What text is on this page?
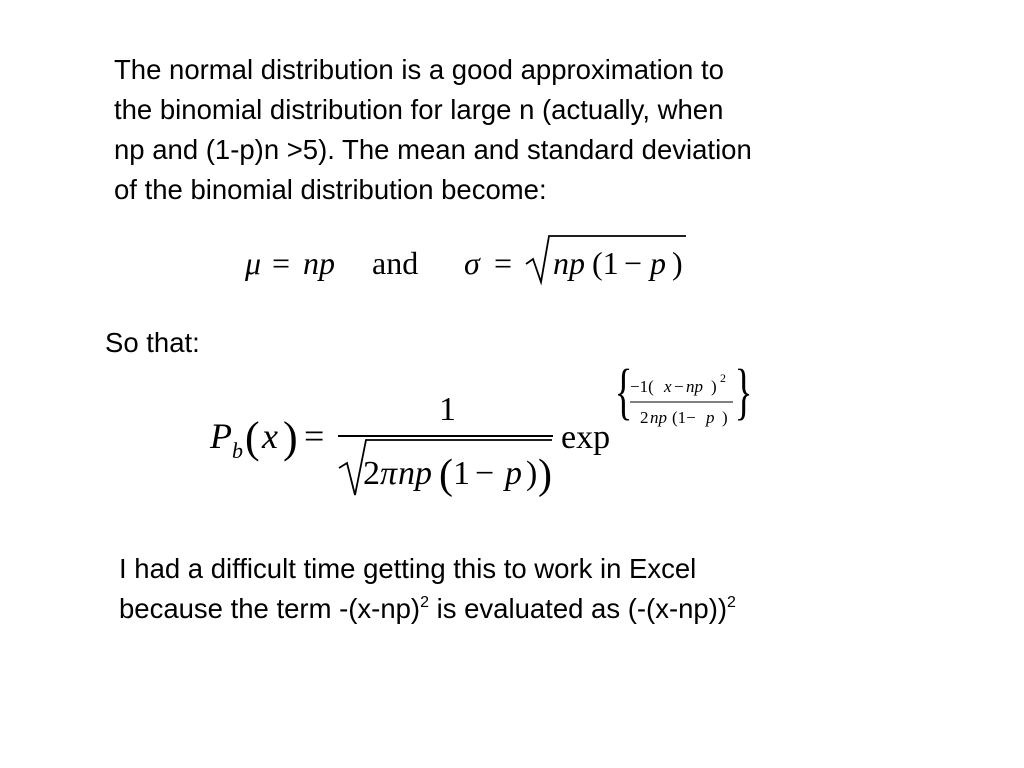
The normal distribution is a good approximation to
the binomial distribution for large n (actually, when
np and (1-p)n >5). The mean and standard deviation
of the binomial distribution become:
μ = np and σ = np (1 − p )
So that:
P b ( x ) =
1
2 π np ( 1 − p ) )
exp
{ }
−1( x − np ) 2
2 np (1− p )
I had a difficult time getting this to work in Excel
because the term $-(x-np)^2$ is evaluated as $(-(x-np))^2$
